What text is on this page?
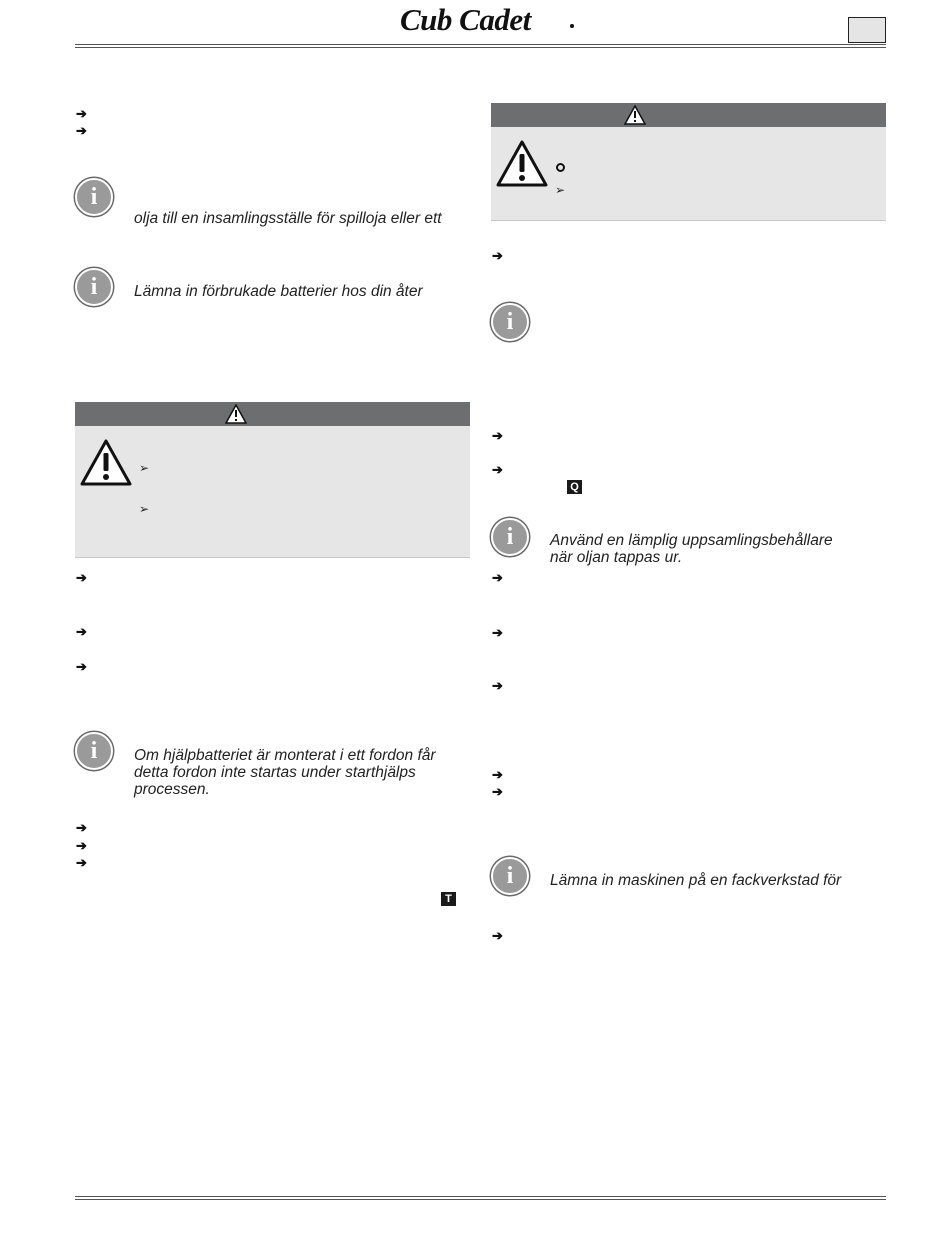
Cub Cadet
➔
➔
i
olja till en insamlingsställe för spilloja eller ett
i	Lämna in förbrukade batterier hos din åter
➢
➢
➔
➔
➔
i	Om hjälpbatteriet är monterat i ett fordon får
detta fordon inte startas under starthjälps
processen.
➔
➔
➔
T
➢
➔
i
➔
➔
Q
i	Använd en lämplig uppsamlingsbehållare
när oljan tappas ur.
➔
➔
➔
➔
➔
i	Lämna in maskinen på en fackverkstad för
➔
